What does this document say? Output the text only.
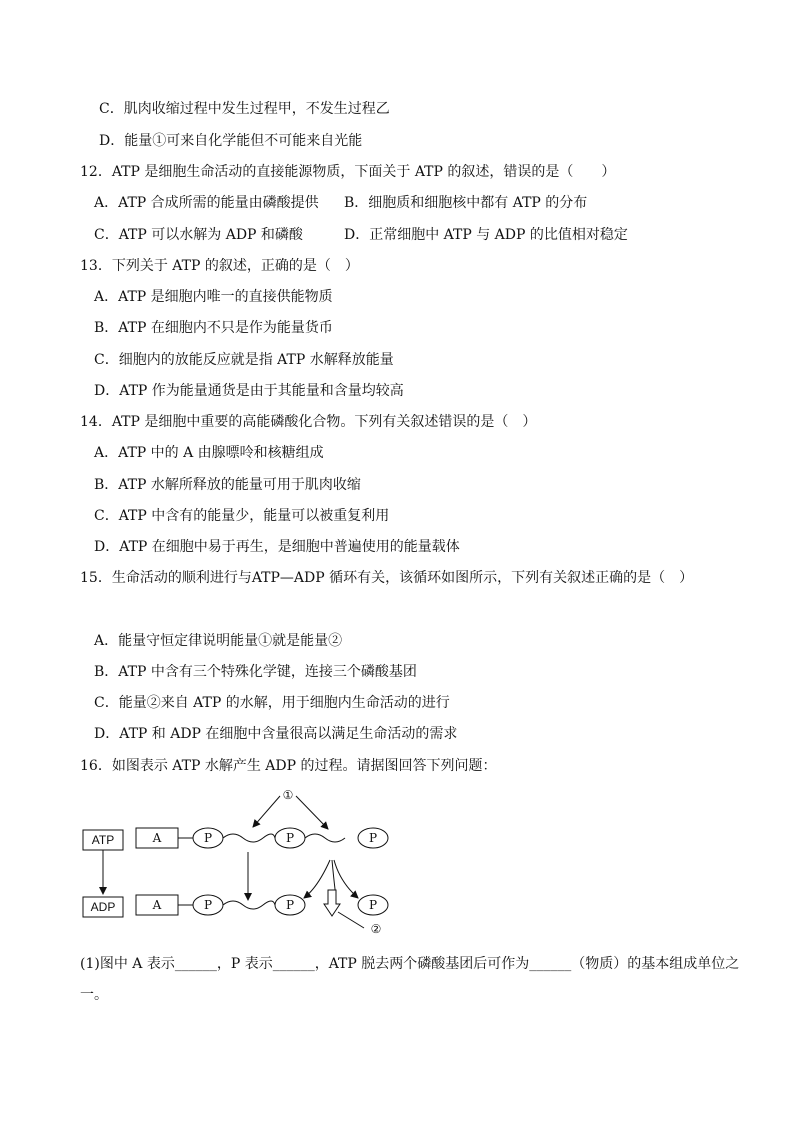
C．肌肉收缩过程中发生过程甲，不发生过程乙
D．能量①可来自化学能但不可能来自光能
12．ATP 是细胞生命活动的直接能源物质，下面关于 ATP 的叙述，错误的是（　　）
A．ATP 合成所需的能量由磷酸提供 B．细胞质和细胞核中都有 ATP 的分布
C．ATP 可以水解为 ADP 和磷酸	D．正常细胞中 ATP 与 ADP 的比值相对稳定
13．下列关于 ATP 的叙述，正确的是（　）
A．ATP 是细胞内唯一的直接供能物质
B．ATP 在细胞内不只是作为能量货币
C．细胞内的放能反应就是指 ATP 水解释放能量
D．ATP 作为能量通货是由于其能量和含量均较高
14．ATP 是细胞中重要的高能磷酸化合物。下列有关叙述错误的是（　）
A．ATP 中的 A 由腺嘌呤和核糖组成
B．ATP 水解所释放的能量可用于肌肉收缩
C．ATP 中含有的能量少，能量可以被重复利用
D．ATP 在细胞中易于再生，是细胞中普遍使用的能量载体
15．生命活动的顺利进行与ATP—ADP 循环有关，该循环如图所示，下列有关叙述正确的是（　）
A．能量守恒定律说明能量①就是能量②
B．ATP 中含有三个特殊化学键，连接三个磷酸基团
C．能量②来自 ATP 的水解，用于细胞内生命活动的进行
D．ATP 和 ADP 在细胞中含量很高以满足生命活动的需求
16．如图表示 ATP 水解产生 ADP 的过程。请据图回答下列问题：
ATP
ADP
A	P	P	P
①
A	P	P	P
②
(1)图中 A 表示______，P 表示______，ATP 脱去两个磷酸基团后可作为______（物质）的基本组成单位之
一。
